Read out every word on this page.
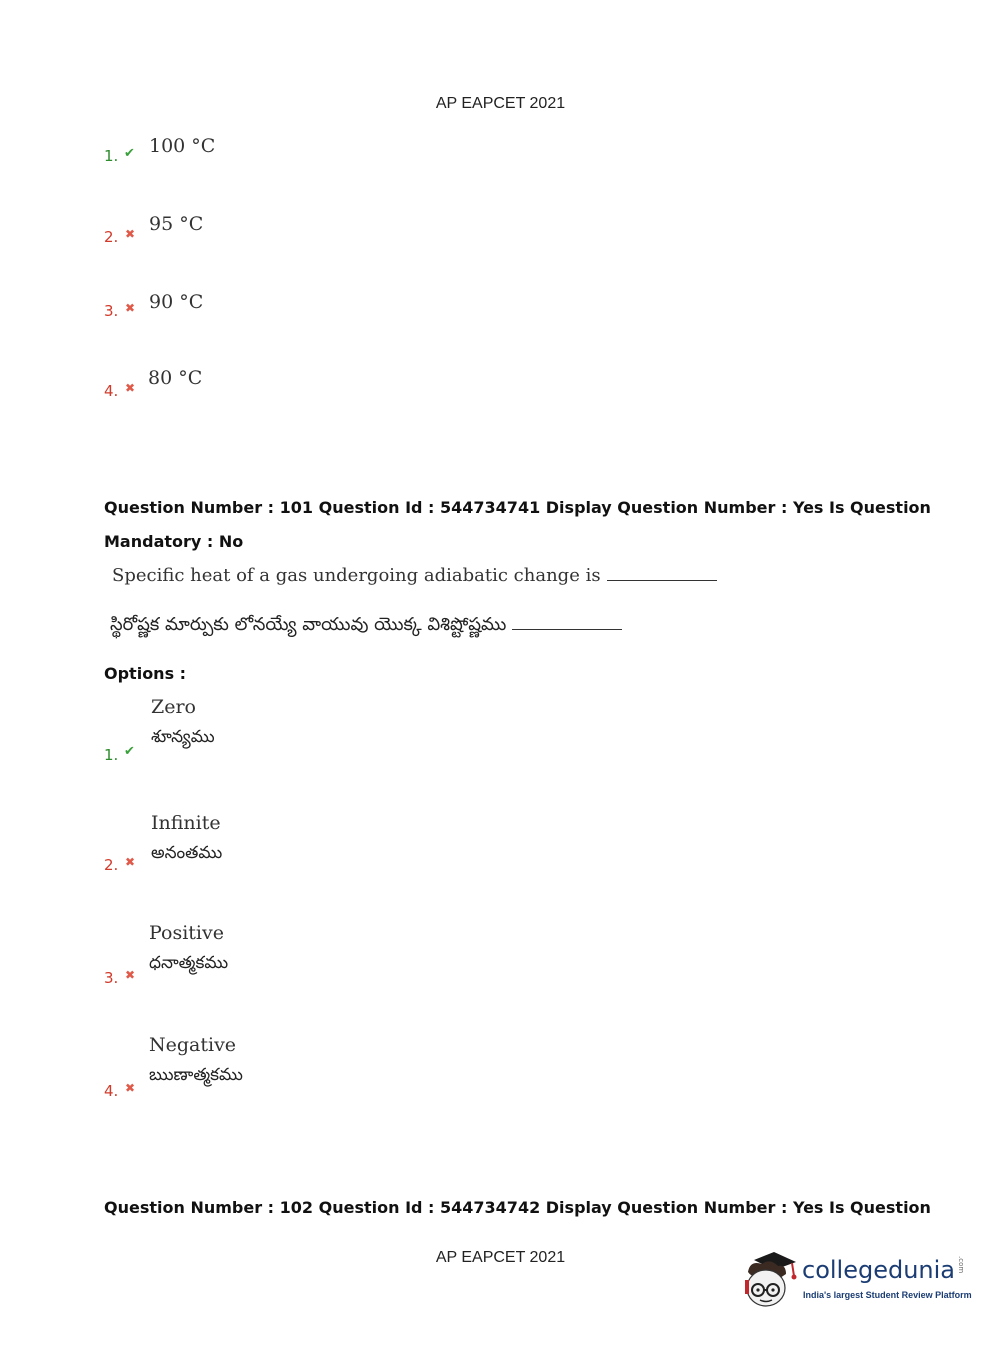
AP EAPCET 2021
1. ✔ 100 °C
2. ✖ 95 °C
3. ✖ 90 °C
4. ✖ 80 °C
Question Number : 101 Question Id : 544734741 Display Question Number : Yes Is Question
Mandatory : No
Specific heat of a gas undergoing adiabatic change is
స్థిరోష్ణక మార్పుకు లోనయ్యే వాయువు యొక్క విశిష్టోష్ణము
Options :
Zero
శూన్యము
1. ✔
Infinite
అనంతము
2. ✖
Positive
ధనాత్మకము
3. ✖
Negative
ఋణాత్మకము
4. ✖
Question Number : 102 Question Id : 544734742 Display Question Number : Yes Is Question
AP EAPCET 2021	collegedunia .com
India's largest Student Review Platform
